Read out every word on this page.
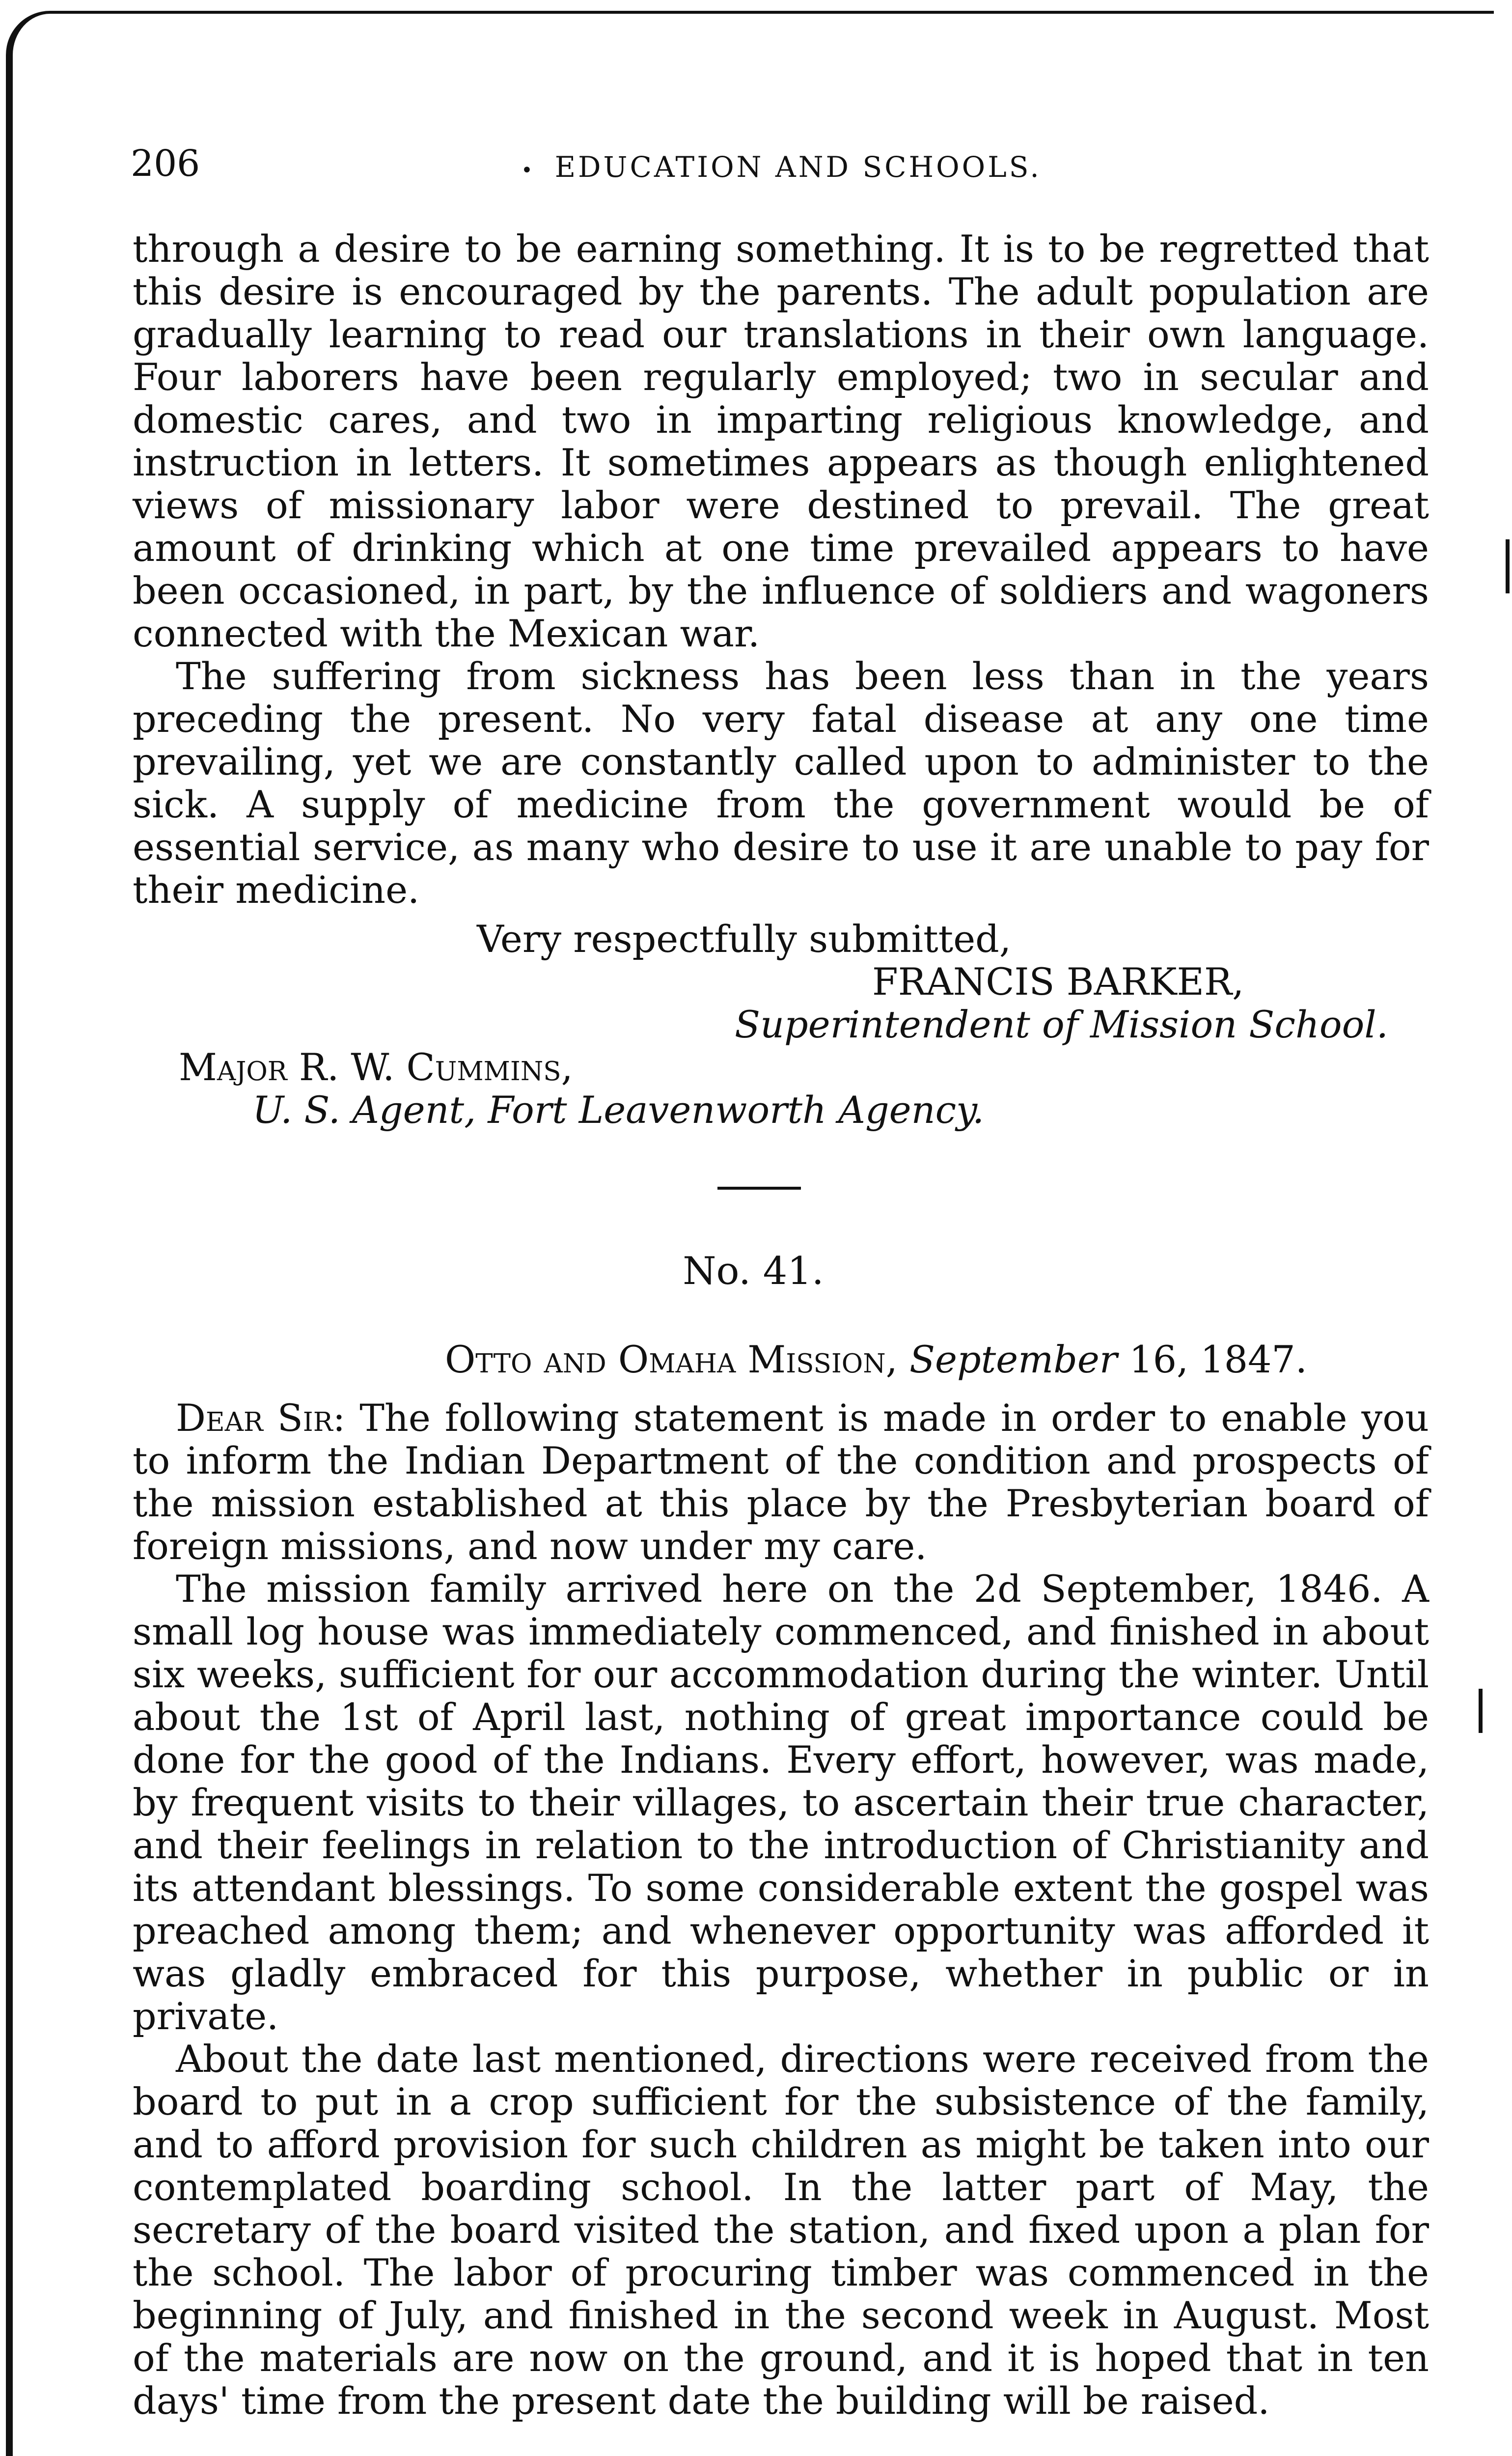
206	• EDUCATION AND SCHOOLS.

through a desire to be earning something. It is to be regretted that this desire is encouraged by the parents. The adult population are gradually learning to read our translations in their own language. Four laborers have been regularly employed; two in secular and domestic cares, and two in imparting religious knowledge, and instruction in letters. It sometimes appears as though enlightened views of missionary labor were destined to prevail. The great amount of drinking which at one time prevailed appears to have been occasioned, in part, by the influence of soldiers and wagoners connected with the Mexican war.

The suffering from sickness has been less than in the years preceding the present. No very fatal disease at any one time prevailing, yet we are constantly called upon to administer to the sick. A supply of medicine from the government would be of essential service, as many who desire to use it are unable to pay for their medicine.

Very respectfully submitted,
FRANCIS BARKER,
Superintendent of Mission School.
Major R. W. Cummins,
U. S. Agent, Fort Leavenworth Agency.
No. 41.
Otto and Omaha Mission, September 16, 1847.

Dear Sir: The following statement is made in order to enable you to inform the Indian Department of the condition and prospects of the mission established at this place by the Presbyterian board of foreign missions, and now under my care.

The mission family arrived here on the 2d September, 1846. A small log house was immediately commenced, and finished in about six weeks, sufficient for our accommodation during the winter. Until about the 1st of April last, nothing of great importance could be done for the good of the Indians. Every effort, however, was made, by frequent visits to their villages, to ascertain their true character, and their feelings in relation to the introduction of Christianity and its attendant blessings. To some considerable extent the gospel was preached among them; and whenever opportunity was afforded it was gladly embraced for this purpose, whether in public or in private.

About the date last mentioned, directions were received from the board to put in a crop sufficient for the subsistence of the family, and to afford provision for such children as might be taken into our contemplated boarding school. In the latter part of May, the secretary of the board visited the station, and fixed upon a plan for the school. The labor of procuring timber was commenced in the beginning of July, and finished in the second week in August. Most of the materials are now on the ground, and it is hoped that in ten days' time from the present date the building will be raised.
